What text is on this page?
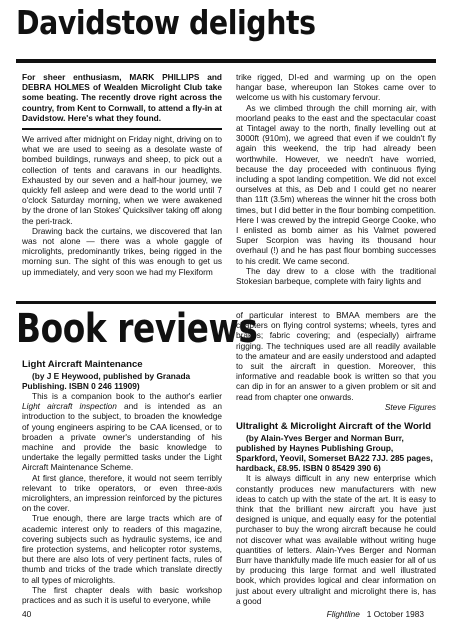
Davidstow delights

For sheer enthusiasm, MARK PHILLIPS and DEBRA HOLMES of Wealden Microlight Club take some beating. The recently drove right across the country, from Kent to Cornwall, to attend a fly-in at Davidstow. Here's what they found.

We arrived after midnight on Friday night, driving on to what we are used to seeing as a desolate waste of bombed buildings, runways and sheep, to pick out a collection of tents and caravans in our headlights. Exhausted by our seven and a half-hour journey, we quickly fell asleep and were dead to the world until 7 o'clock Saturday morning, when we were awakened by the drone of Ian Stokes' Quicksilver taking off along the peri-track.

Drawing back the curtains, we discovered that Ian was not alone — there was a whole gaggle of microlights, predominantly trikes, being rigged in the morning sun. The sight of this was enough to get us up immediately, and very soon we had my Flexiform

trike rigged, DI-ed and warming up on the open hangar base, whereupon Ian Stokes came over to welcome us with his customary fervour.

As we climbed through the chill morning air, with moorland peaks to the east and the spectacular coast at Tintagel away to the north, finally levelling out at 3000ft (910m), we agreed that even if we couldn't fly again this weekend, the trip had already been worthwhile. However, we needn't have worried, because the day proceeded with continuous flying including a spot landing competition. We did not excel ourselves at this, as Deb and I could get no nearer than 11ft (3.5m) whereas the winner hit the cross both times, but I did better in the flour bombing competition. Here I was crewed by the intrepid George Cooke, who I enlisted as bomb aimer as his Valmet powered Super Scorpion was having its thousand hour overhaul (!) and he has past flour bombing successes to his credit. We came second.

The day drew to a close with the traditional Stokesian barbeque, complete with fairy lights and

Book reviews

Light Aircraft Maintenance

(by J E Heywood, published by Granada Publishing. ISBN 0 246 11909)

This is a companion book to the author's earlier Light aircraft inspection and is intended as an introduction to the subject, to broaden the knowledge of young engineers aspiring to be CAA licensed, or to broaden a private owner's understanding of his machine and provide the basic knowledge to undertake the legally permitted tasks under the Light Aircraft Maintenance Scheme.

At first glance, therefore, it would not seem terribly relevant to trike operators, or even three-axis microlighters, an impression reinforced by the pictures on the cover.

True enough, there are large tracts which are of academic interest only to readers of this magazine, covering subjects such as hydraulic systems, ice and fire protection systems, and helicopter rotor systems, but there are also lots of very pertinent facts, rules of thumb and tricks of the trade which translate directly to all types of microlights.

The first chapter deals with basic workshop practices and as such it is useful to everyone, while

of particular interest to BMAA members are the chapters on flying control systems; wheels, tyres and brakes; fabric covering; and (especially) airframe rigging. The techniques used are all readily available to the amateur and are easily understood and adapted to suit the aircraft in question. Moreover, this informative and readable book is written so that you can dip in for an answer to a given problem or sit and read from chapter one onwards.

Steve Figures

Ultralight & Microlight Aircraft of the World

(by Alain-Yves Berger and Norman Burr, published by Haynes Publishing Group, Sparkford, Yeovil, Somerset BA22 7JJ. 285 pages, hardback, £8.95. ISBN 0 85429 390 6)

It is always difficult in any new enterprise which constantly produces new manufacturers with new ideas to catch up with the state of the art. It is easy to think that the brilliant new aircraft you have just designed is unique, and equally easy for the potential purchaser to buy the wrong aircraft because he could not discover what was available without writing huge quantities of letters. Alain-Yves Berger and Norman Burr have thankfully made life much easier for all of us by producing this large format and well illustrated book, which provides logical and clear information on just about every ultralight and microlight there is, has a good

40	Flightline 1 October 1983
